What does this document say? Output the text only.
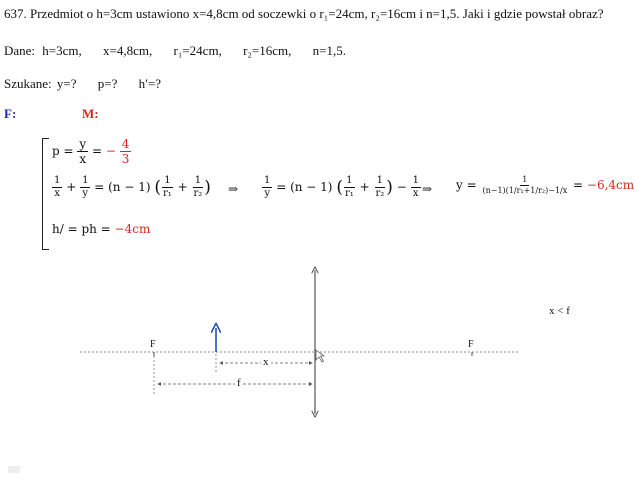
637. Przedmiot o h=3cm ustawiono x=4,8cm od soczewki o r₁=24cm, r₂=16cm i n=1,5. Jaki i gdzie powstał obraz?
Dane: h=3cm, x=4,8cm, r₁=24cm, r₂=16cm, n=1,5.
Szukane: y=? p=? h′=?
F:	M:
$p = \frac{y}{x}$ = − $\frac{4}{3}$
$\frac{1}{x} + \frac{1}{y} = (n - 1)$ ( $\frac{1}{\text{r₁}} + \frac{1}{\text{r₂}}$ ) ⇒ $\frac{1}{y} = (n - 1)$ ( $\frac{1}{\text{r₁}} + \frac{1}{\text{r₂}}$ ) − $\frac{1}{x}$ ⇒ $y = \frac{1}{\text{(n−1)(1/r₁+1/r₂)−1/x}} = -6,4cm$
h/ = ph = −4cm
F	F
x
f
x < f
